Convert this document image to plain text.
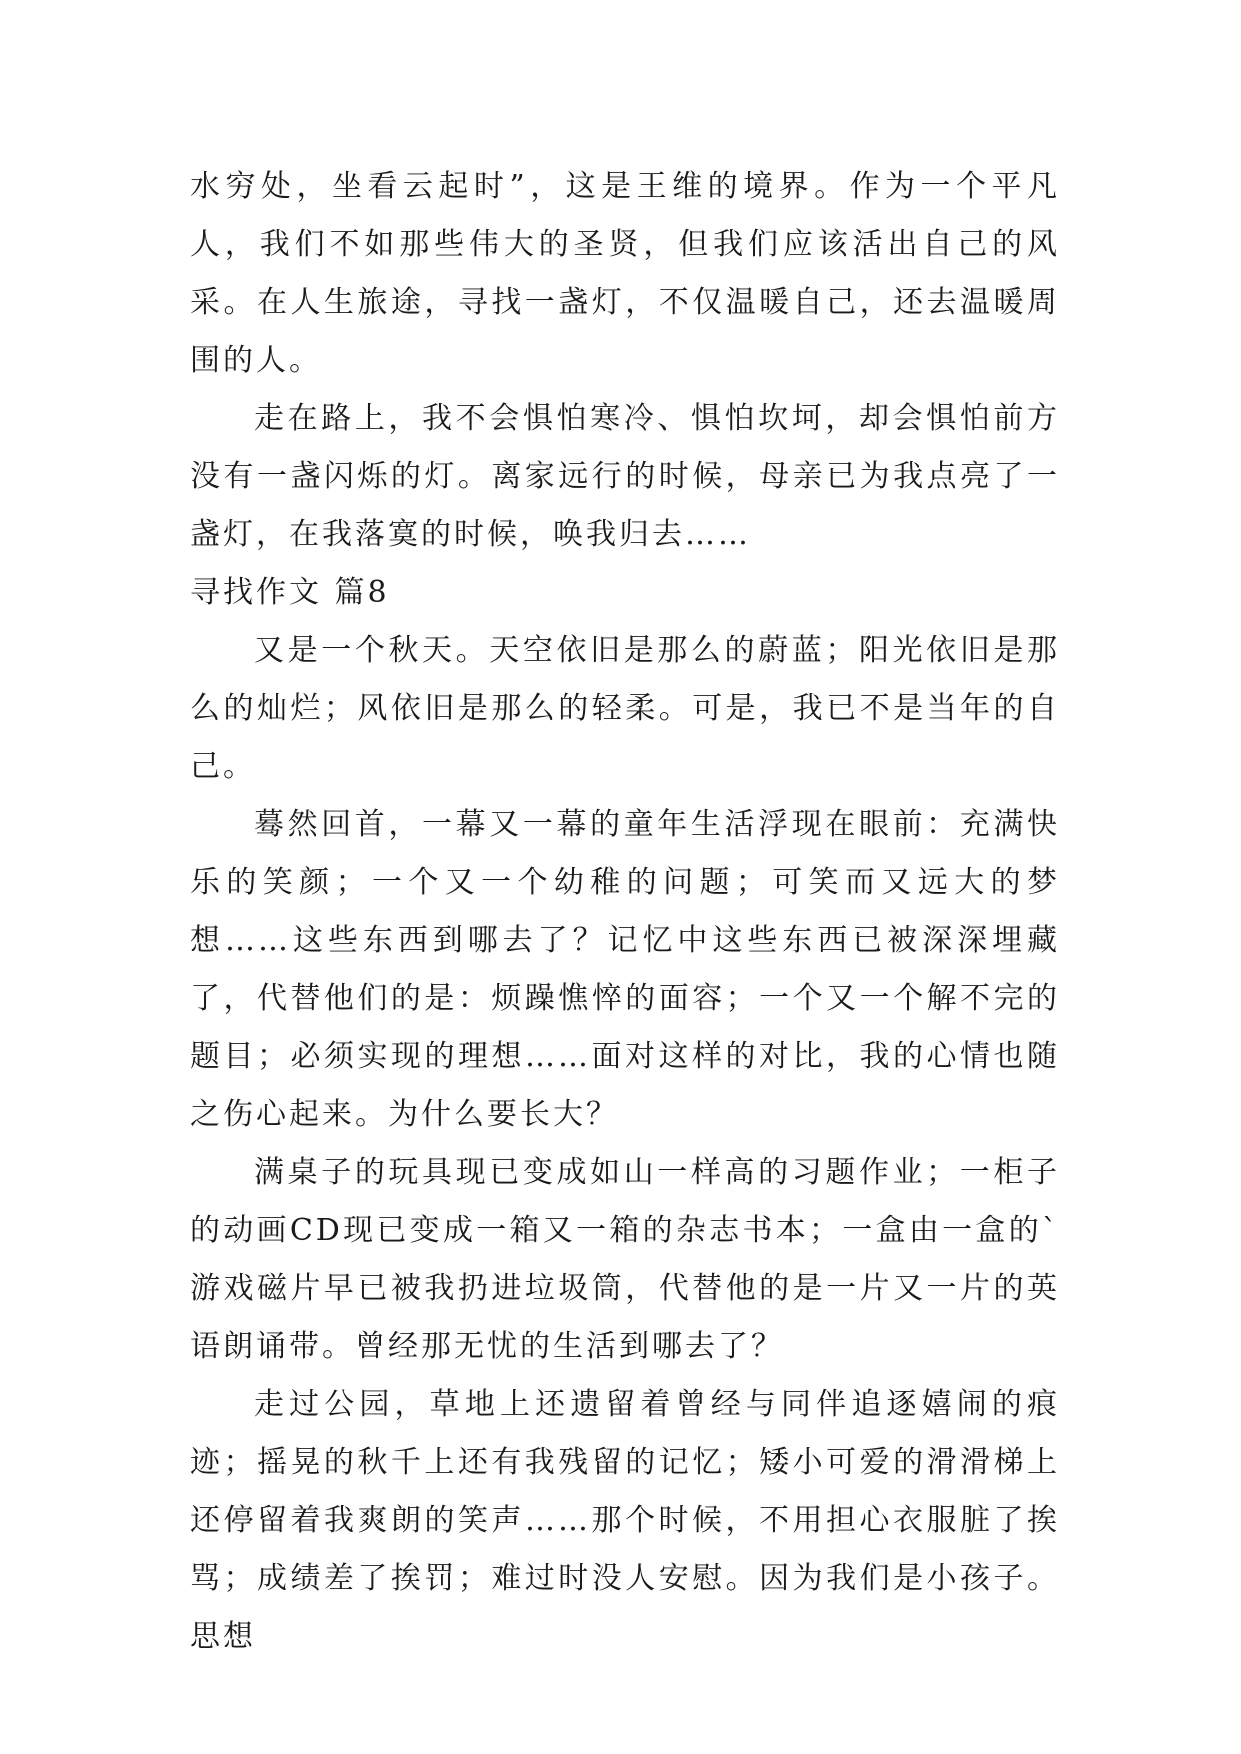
水穷处，坐看云起时”，这是王维的境界。作为一个平凡人，我们不如那些伟大的圣贤，但我们应该活出自己的风采。在人生旅途，寻找一盏灯，不仅温暖自己，还去温暖周围的人。

走在路上，我不会惧怕寒冷、惧怕坎坷，却会惧怕前方没有一盏闪烁的灯。离家远行的时候，母亲已为我点亮了一盏灯，在我落寞的时候，唤我归去……

寻找作文 篇8

又是一个秋天。天空依旧是那么的蔚蓝；阳光依旧是那么的灿烂；风依旧是那么的轻柔。可是，我已不是当年的自己。

蓦然回首，一幕又一幕的童年生活浮现在眼前：充满快乐的笑颜；一个又一个幼稚的问题；可笑而又远大的梦想……这些东西到哪去了？记忆中这些东西已被深深埋藏了，代替他们的是：烦躁憔悴的面容；一个又一个解不完的题目；必须实现的理想……面对这样的对比，我的心情也随之伤心起来。为什么要长大？

满桌子的玩具现已变成如山一样高的习题作业；一柜子的动画CD现已变成一箱又一箱的杂志书本；一盒由一盒的`游戏磁片早已被我扔进垃圾筒，代替他的是一片又一片的英语朗诵带。曾经那无忧的生活到哪去了？

走过公园，草地上还遗留着曾经与同伴追逐嬉闹的痕迹；摇晃的秋千上还有我残留的记忆；矮小可爱的滑滑梯上还停留着我爽朗的笑声……那个时候，不用担心衣服脏了挨骂；成绩差了挨罚；难过时没人安慰。因为我们是小孩子。思想
